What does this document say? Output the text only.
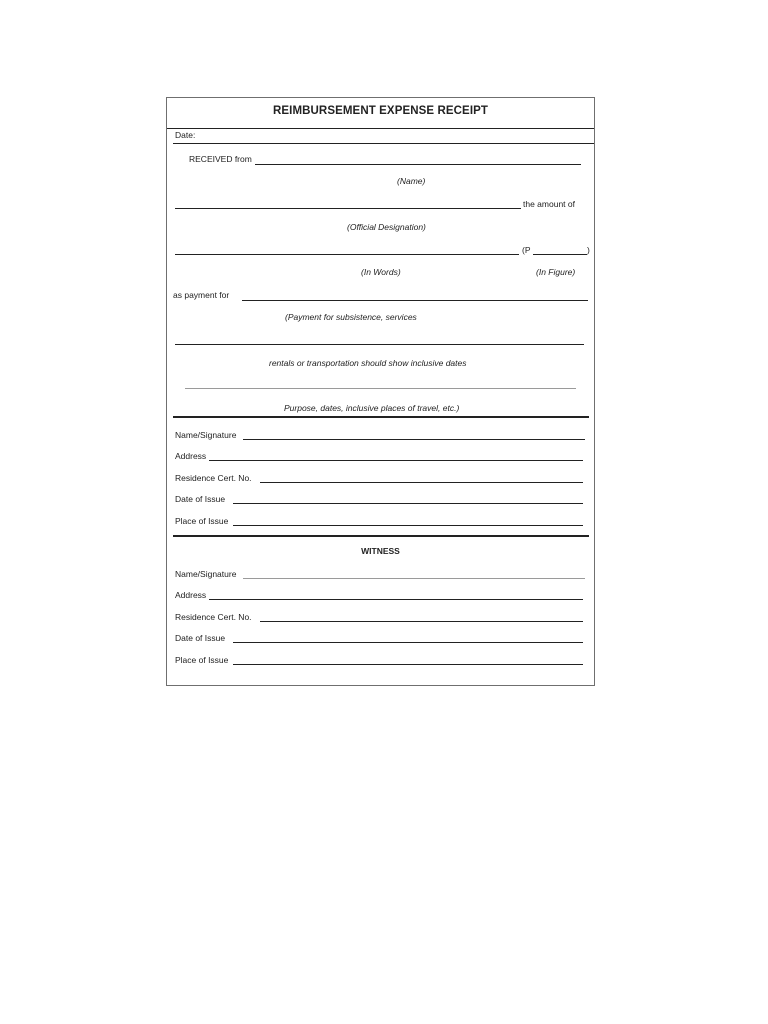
REIMBURSEMENT EXPENSE RECEIPT
Date:
RECEIVED from
(Name)
the amount of
(Official Designation)
(P	)
(In Words)	(In Figure)
as payment for
(Payment for subsistence, services
rentals or transportation should show inclusive dates
Purpose, dates, inclusive places of travel, etc.)
Name/Signature
Address
Residence Cert. No.
Date of Issue
Place of Issue
WITNESS
Name/Signature
Address
Residence Cert. No.
Date of Issue
Place of Issue
